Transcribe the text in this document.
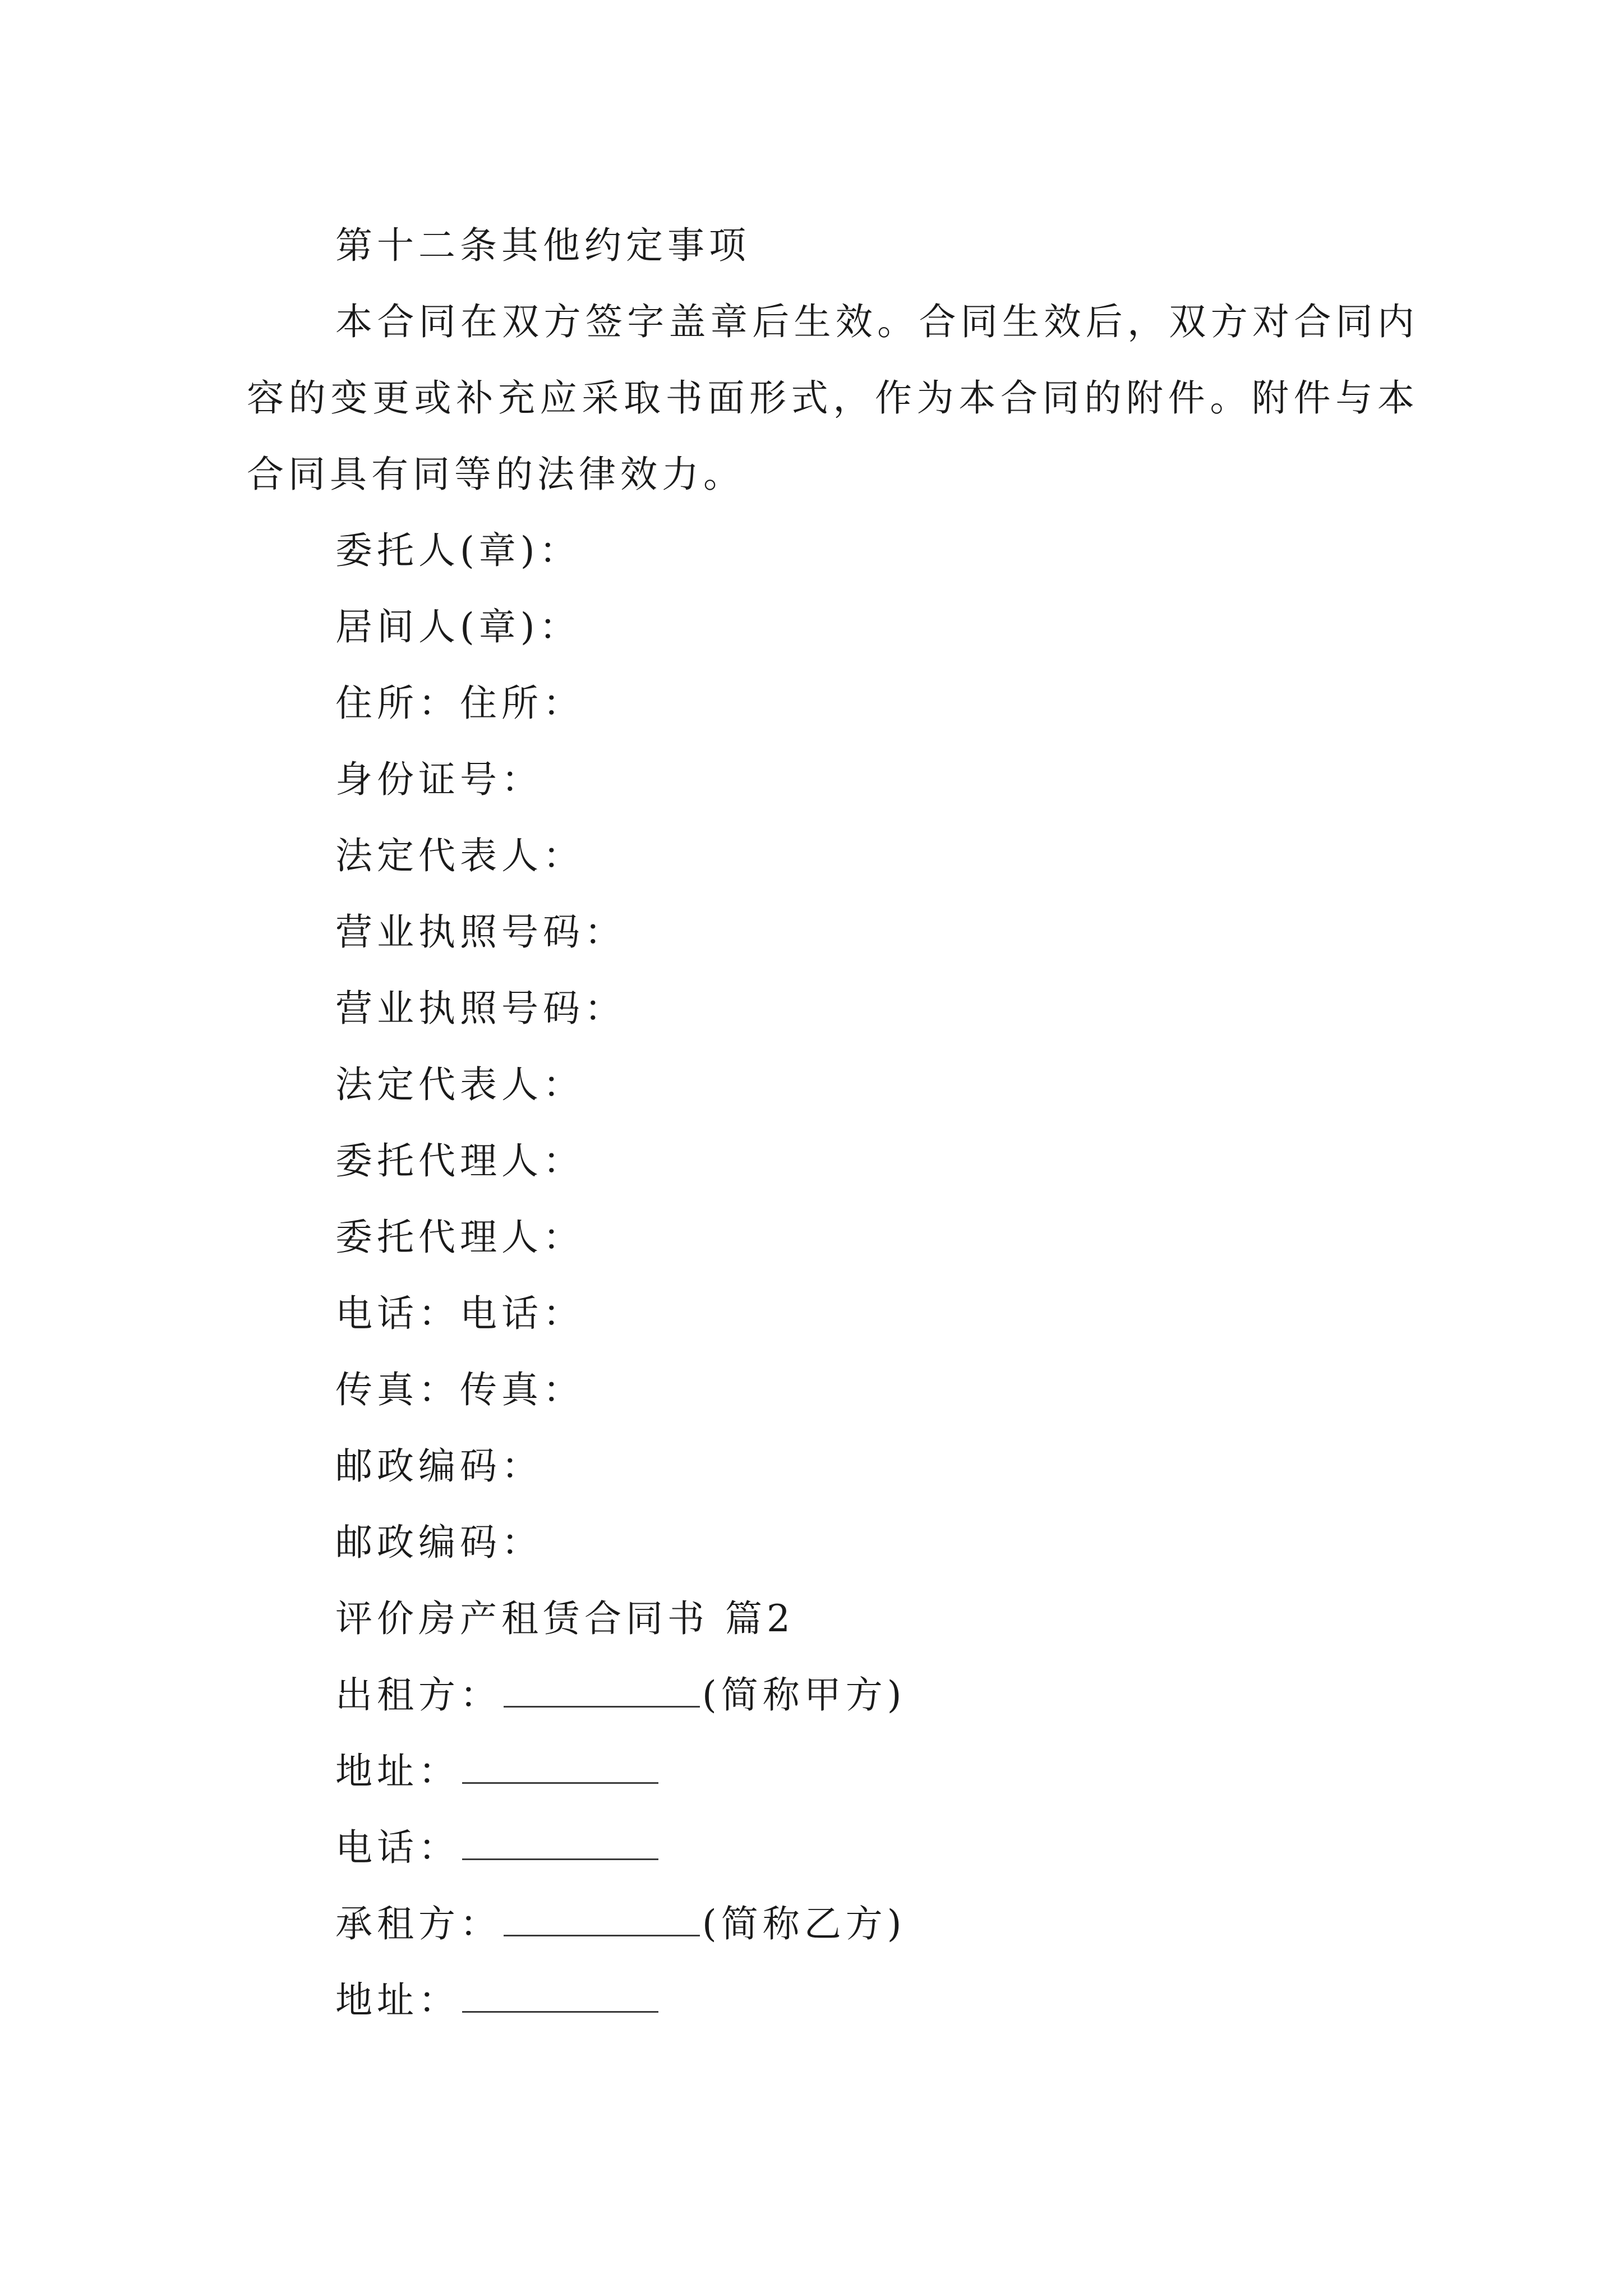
第十二条其他约定事项
本合同在双方签字盖章后生效。合同生效后，双方对合同内容的变更或补充应采取书面形式，作为本合同的附件。附件与本合同具有同等的法律效力。
委托人(章)：
居间人(章)：
住所：住所：
身份证号：
法定代表人：
营业执照号码：
营业执照号码：
法定代表人：
委托代理人：
委托代理人：
电话：电话：
传真：传真：
邮政编码：
邮政编码：
评价房产租赁合同书 篇2
出租方：	(简称甲方)
地址：
电话：
承租方：	(简称乙方)
地址：
